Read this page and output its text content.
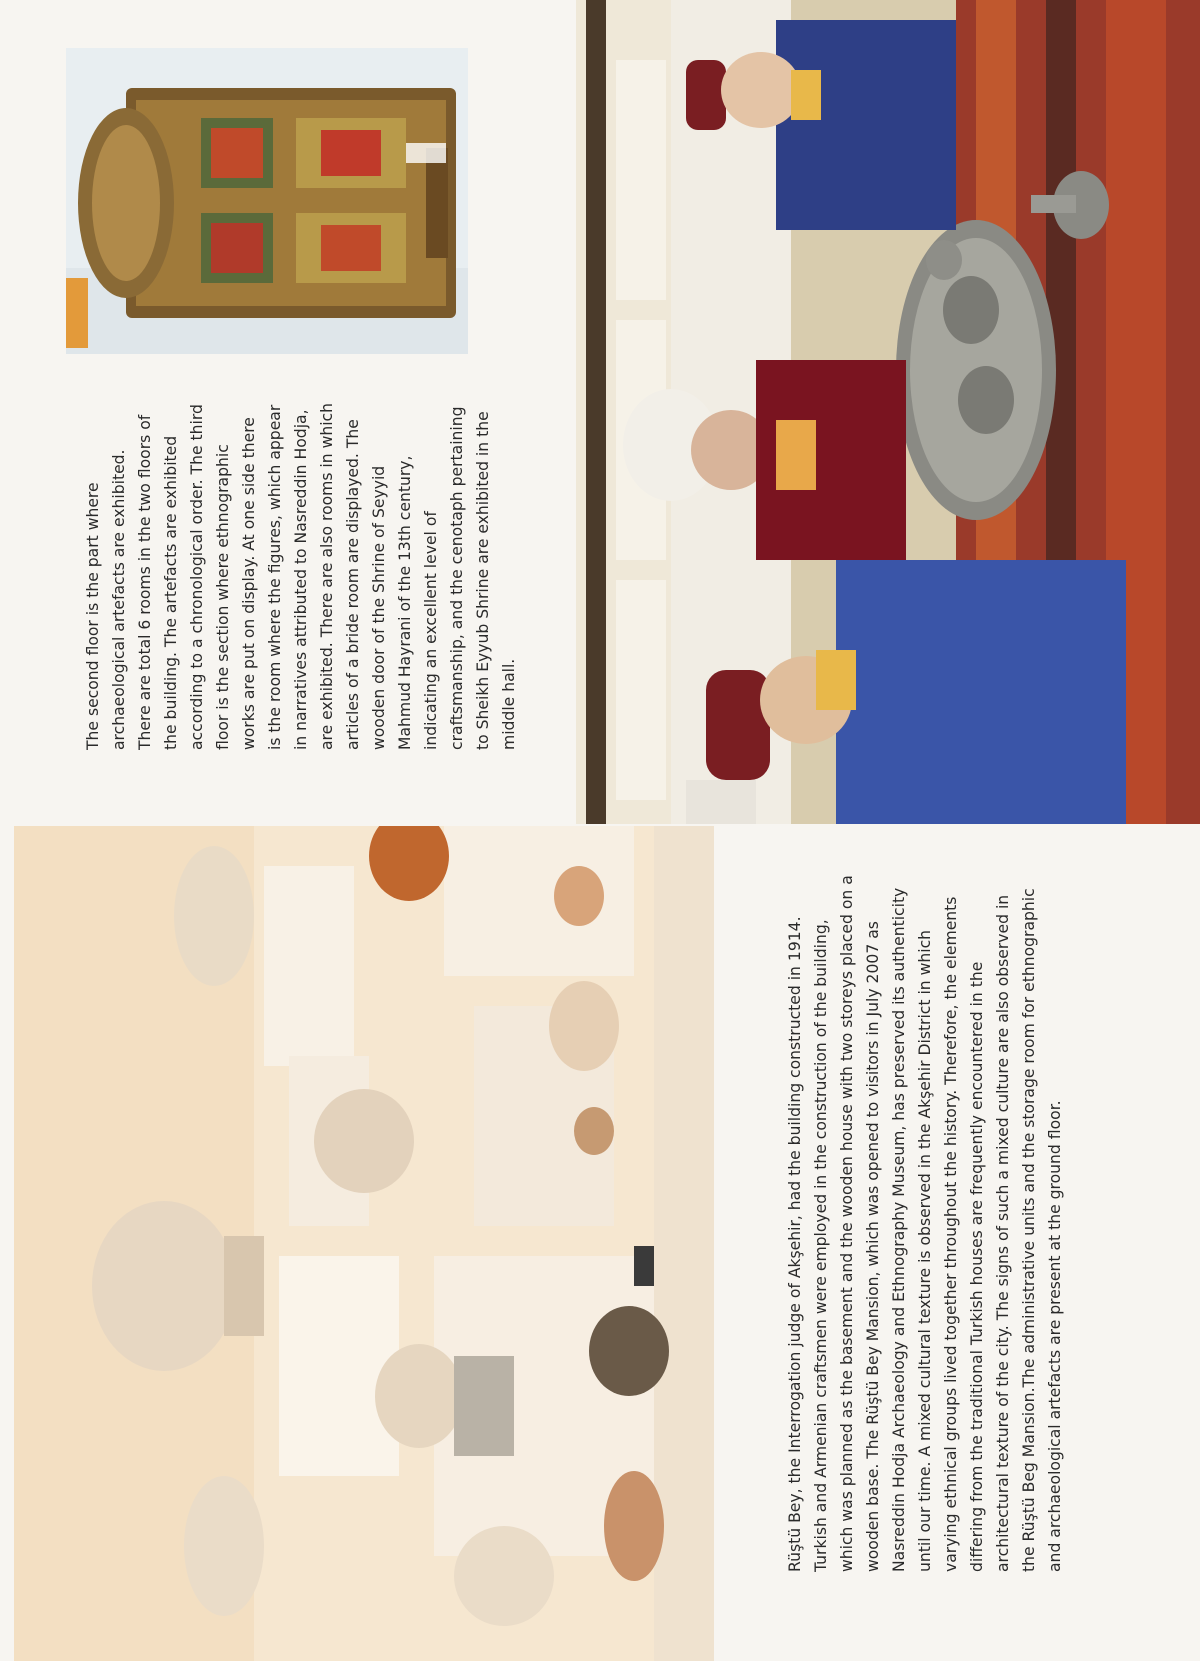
The second floor is the part where archaeological artefacts are exhibited. There are total 6 rooms in the two floors of the building. The artefacts are exhibited according to a chronological order. The third floor is the section where ethnographic works are put on display. At one side there is the room where the figures, which appear in narratives attributed to Nasreddin Hodja, are exhibited. There are also rooms in which articles of a bride room are displayed. The wooden door of the Shrine of Seyyid Mahmud Hayrani of the 13th century, indicating an excellent level of craftsmanship, and the cenotaph pertaining to Sheikh Eyyub Shrine are exhibited in the middle hall.
Rüştü Bey, the Interrogation judge of Akşehir, had the building constructed in 1914. Turkish and Armenian craftsmen were employed in the construction of the building, which was planned as the basement and the wooden house with two storeys placed on a wooden base. The Rüştü Bey Mansion, which was opened to visitors in July 2007 as Nasreddin Hodja Archaeology and Ethnography Museum, has preserved its authenticity until our time. A mixed cultural texture is observed in the Akşehir District in which varying ethnical groups lived together throughout the history. Therefore, the elements differing from the traditional Turkish houses are frequently encountered in the architectural texture of the city. The signs of such a mixed culture are also observed in the Rüştü Beg Mansion.The administrative units and the storage room for ethnographic and archaeological artefacts are present at the ground floor.
